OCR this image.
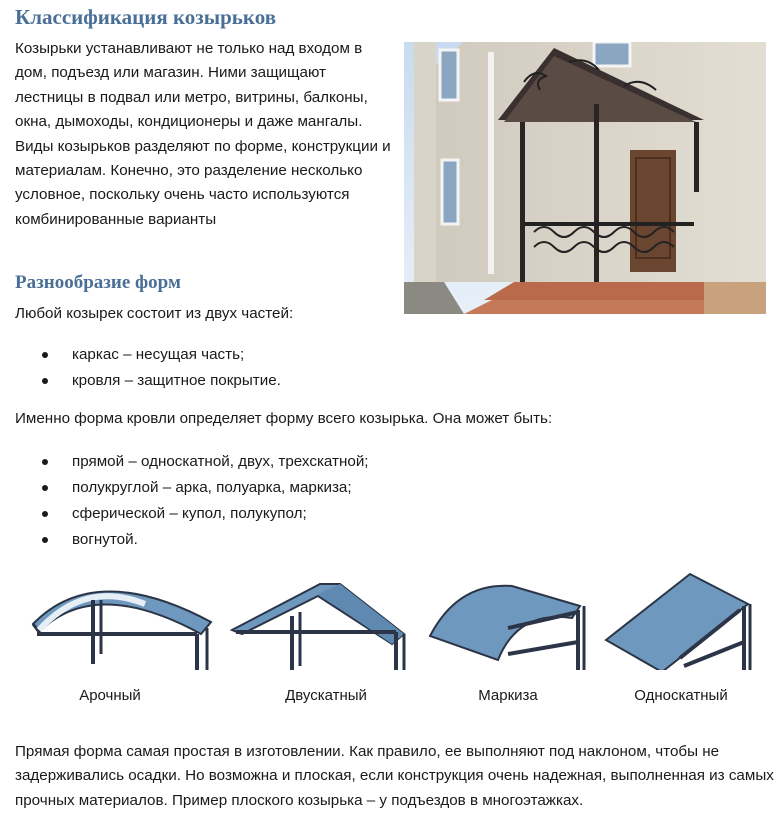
Классификация козырьков

Козырьки устанавливают не только над входом в дом, подъезд или магазин. Ними защищают лестницы в подвал или метро, витрины, балконы, окна, дымоходы, кондиционеры и даже мангалы. Виды козырьков разделяют по форме, конструкции и материалам. Конечно, это разделение несколько условное, поскольку очень часто используются комбинированные варианты

Разнообразие форм

Любой козырек состоит из двух частей:

каркас – несущая часть;
кровля – защитное покрытие.

Именно форма кровли определяет форму всего козырька. Она может быть:

прямой – односкатной, двух, трехскатной;
полукруглой – арка, полуарка, маркиза;
сферической – купол, полукупол;
вогнутой.
Арочный	Двускатный	Маркиза	Односкатный

Прямая форма самая простая в изготовлении. Как правило, ее выполняют под наклоном, чтобы не задерживались осадки. Но возможна и плоская, если конструкция очень надежная, выполненная из самых прочных материалов. Пример плоского козырька – у подъездов в многоэтажках.
